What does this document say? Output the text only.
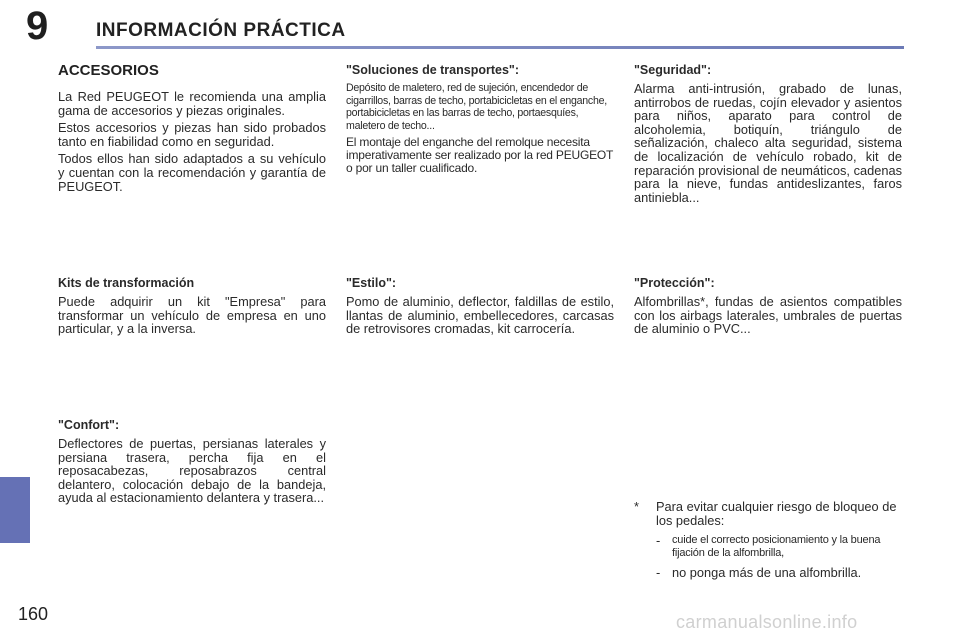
9	INFORMACIÓN PRÁCTICA
ACCESORIOS

La Red PEUGEOT le recomienda una amplia gama de accesorios y piezas originales.

Estos accesorios y piezas han sido probados tanto en fiabilidad como en seguridad.

Todos ellos han sido adaptados a su vehículo y cuentan con la recomendación y garantía de PEUGEOT.

Kits de transformación

Puede adquirir un kit "Empresa" para transformar un vehículo de empresa en uno particular, y a la inversa.

"Confort":

Deflectores de puertas, persianas laterales y persiana trasera, percha fija en el reposacabezas, reposabrazos central delantero, colocación debajo de la bandeja, ayuda al estacionamiento delantera y trasera...

"Soluciones de transportes":

Depósito de maletero, red de sujeción, encendedor de cigarrillos, barras de techo, portabicicletas en el enganche, portabicicletas en las barras de techo, portaesquíes, maletero de techo...

El montaje del enganche del remolque necesita imperativamente ser realizado por la red PEUGEOT o por un taller cualificado.

"Estilo":

Pomo de aluminio, deflector, faldillas de estilo, llantas de aluminio, embellecedores, carcasas de retrovisores cromadas, kit carrocería.

"Seguridad":

Alarma anti-intrusión, grabado de lunas, antirrobos de ruedas, cojín elevador y asientos para niños, aparato para control de alcoholemia, botiquín, triángulo de señalización, chaleco alta seguridad, sistema de localización de vehículo robado, kit de reparación provisional de neumáticos, cadenas para la nieve, fundas antideslizantes, faros antiniebla...

"Protección":

Alfombrillas*, fundas de asientos compatibles con los airbags laterales, umbrales de puertas de aluminio o PVC...

*	Para evitar cualquier riesgo de bloqueo de los pedales:
-	cuide el correcto posicionamiento y la buena fijación de la alfombrilla,
- no ponga más de una alfombrilla.
160	carmanualsonline.info
